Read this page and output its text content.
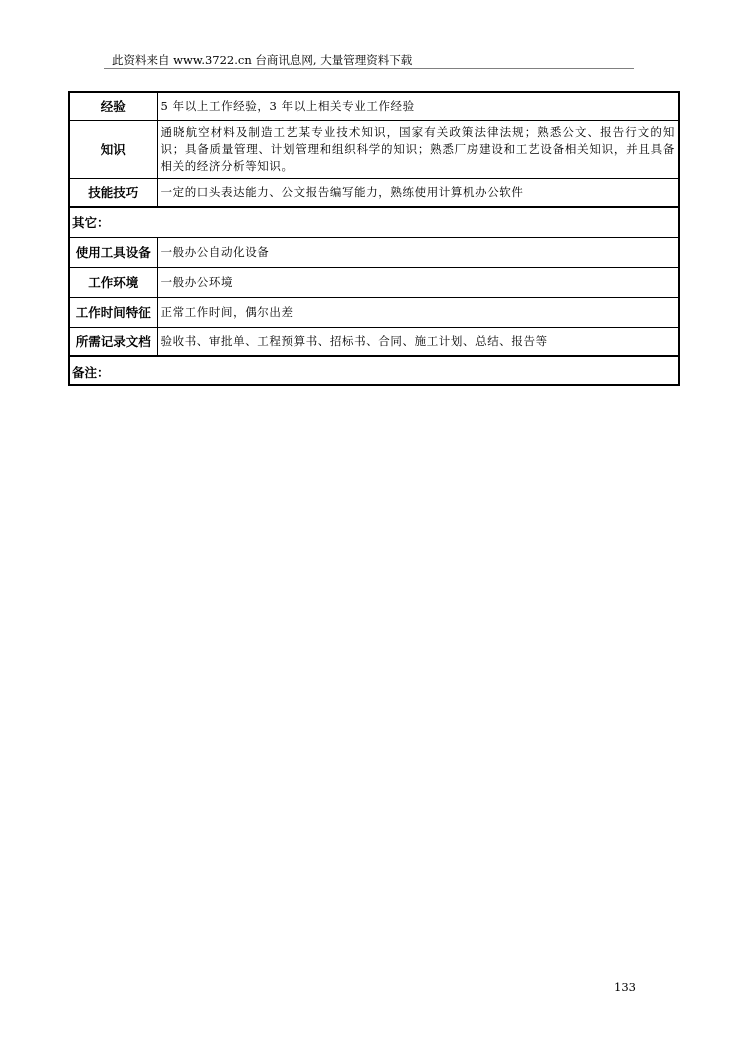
此资料来自 www.3722.cn 台商讯息网, 大量管理资料下载
经验	5 年以上工作经验，3 年以上相关专业工作经验
知识	通晓航空材料及制造工艺某专业技术知识，国家有关政策法律法规；熟悉公文、报告行文的知识；具备质量管理、计划管理和组织科学的知识；熟悉厂房建设和工艺设备相关知识，并且具备相关的经济分析等知识。
技能技巧	一定的口头表达能力、公文报告编写能力，熟练使用计算机办公软件
其它：	
使用工具设备	一般办公自动化设备
工作环境	一般办公环境
工作时间特征	正常工作时间，偶尔出差
所需记录文档	验收书、审批单、工程预算书、招标书、合同、施工计划、总结、报告等
备注：	
133
